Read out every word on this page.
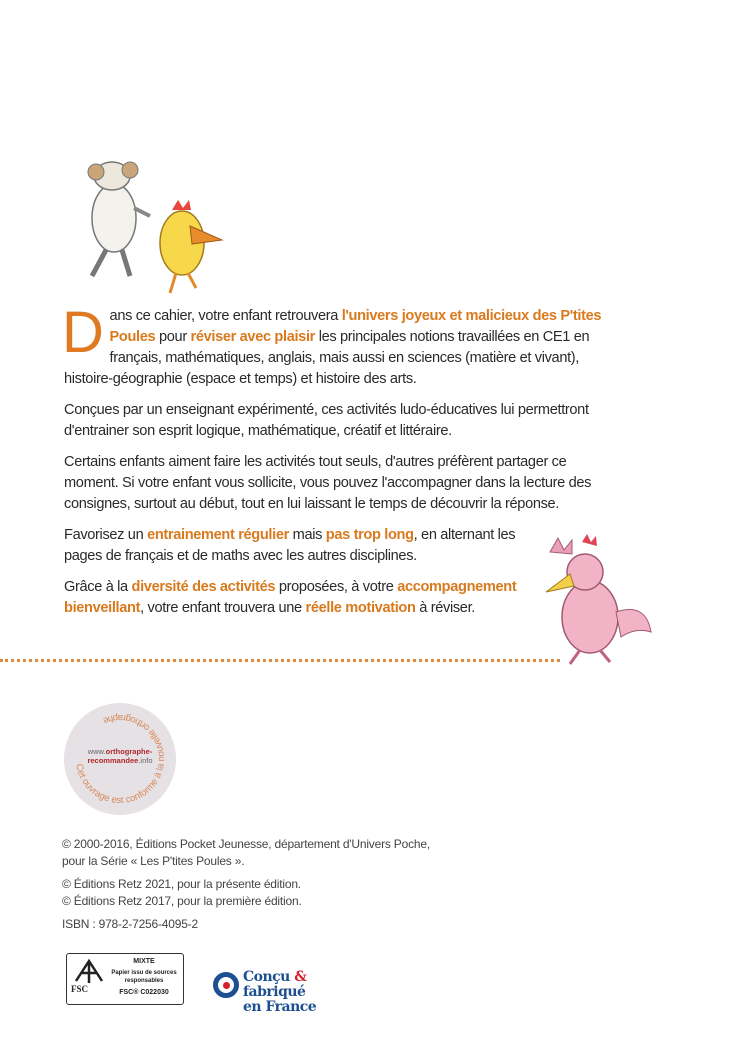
Dans ce cahier, votre enfant retrouvera l'univers joyeux et malicieux des P'tites Poules pour réviser avec plaisir les principales notions travaillées en CE1 en français, mathématiques, anglais, mais aussi en sciences (matière et vivant), histoire-géographie (espace et temps) et histoire des arts.

Conçues par un enseignant expérimenté, ces activités ludo-éducatives lui permettront d'entrainer son esprit logique, mathématique, créatif et littéraire.

Certains enfants aiment faire les activités tout seuls, d'autres préfèrent partager ce moment. Si votre enfant vous sollicite, vous pouvez l'accompagner dans la lecture des consignes, surtout au début, tout en lui laissant le temps de découvrir la réponse.

Favorisez un entrainement régulier mais pas trop long, en alternant les pages de français et de maths avec les autres disciplines.

Grâce à la diversité des activités proposées, à votre accompagnement bienveillant, votre enfant trouvera une réelle motivation à réviser.

Cet ouvrage est conforme à la nouvelle orthographe
www.orthographe-
recommandee.info

© 2000-2016, Éditions Pocket Jeunesse, département d'Univers Poche,
pour la Série « Les P'tites Poules ».

© Éditions Retz 2021, pour la présente édition.
© Éditions Retz 2017, pour la première édition.

ISBN : 978-2-7256-4095-2

FSC
MIXTE
Papier issu de sources responsables
FSC® C022030
Conçu & fabriqué
en France
